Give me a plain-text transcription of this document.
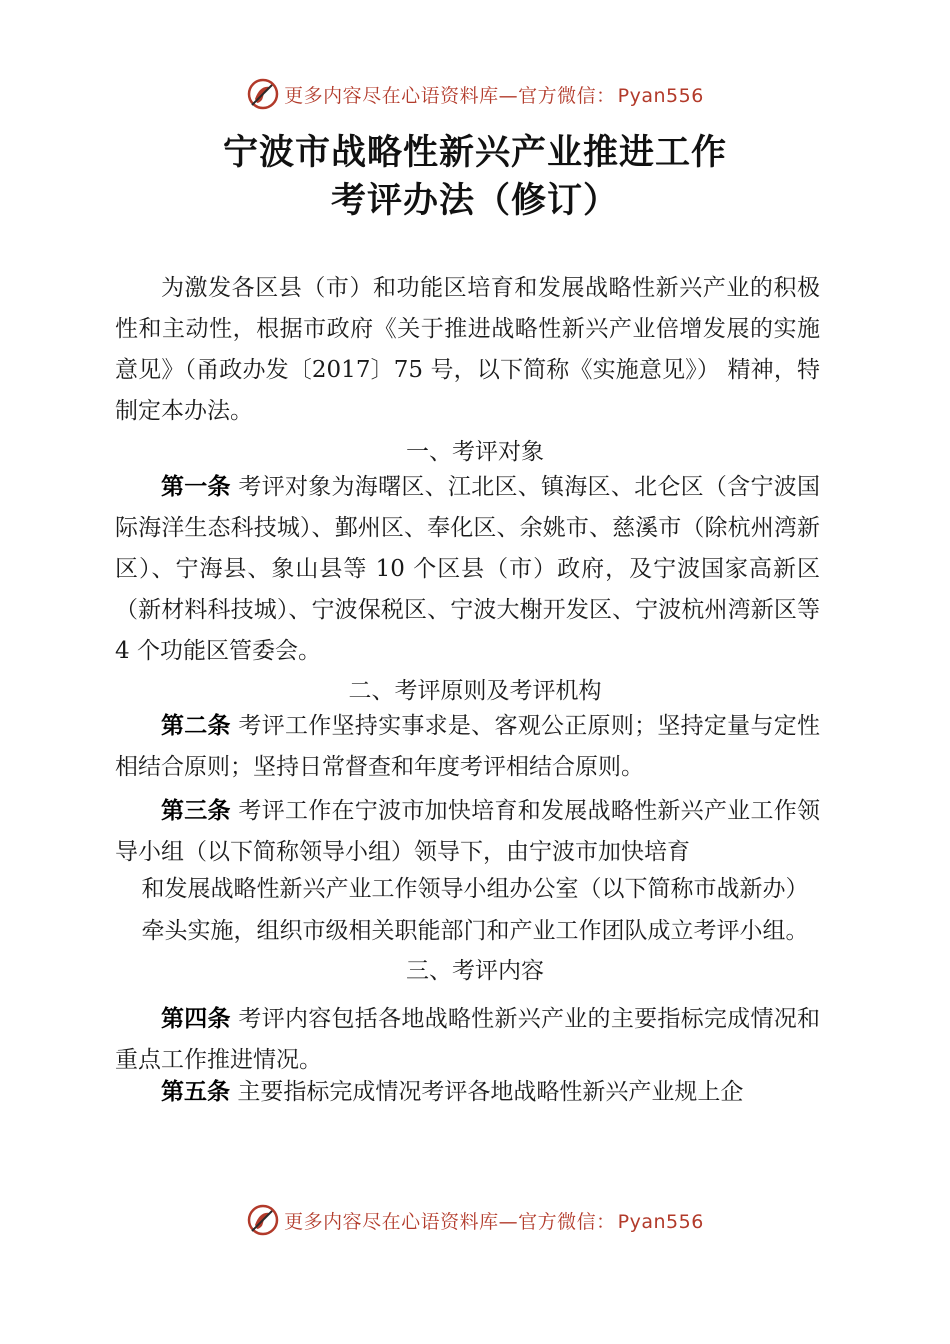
更多内容尽在心语资料库—官方微信： Pyan556
宁波市战略性新兴产业推进工作
考评办法（修订）
为激发各区县（市）和功能区培育和发展战略性新兴产业的积极性和主动性，根据市政府《关于推进战略性新兴产业倍增发展的实施意见》（甬政办发〔2017〕75 号，以下简称《实施意见》） 精神，特制定本办法。
一、考评对象
第一条 考评对象为海曙区、江北区、镇海区、北仑区（含宁波国际海洋生态科技城）、鄞州区、奉化区、余姚市、慈溪市（除杭州湾新区）、宁海县、象山县等 10 个区县（市）政府，及宁波国家高新区（新材料科技城）、宁波保税区、宁波大榭开发区、宁波杭州湾新区等 4 个功能区管委会。
二、考评原则及考评机构
第二条 考评工作坚持实事求是、客观公正原则；坚持定量与定性相结合原则；坚持日常督查和年度考评相结合原则。
第三条 考评工作在宁波市加快培育和发展战略性新兴产业工作领导小组（以下简称领导小组）领导下，由宁波市加快培育
和发展战略性新兴产业工作领导小组办公室（以下简称市战新办）
牵头实施，组织市级相关职能部门和产业工作团队成立考评小组。
三、考评内容
第四条 考评内容包括各地战略性新兴产业的主要指标完成情况和重点工作推进情况。
第五条 主要指标完成情况考评各地战略性新兴产业规上企
更多内容尽在心语资料库—官方微信： Pyan556
